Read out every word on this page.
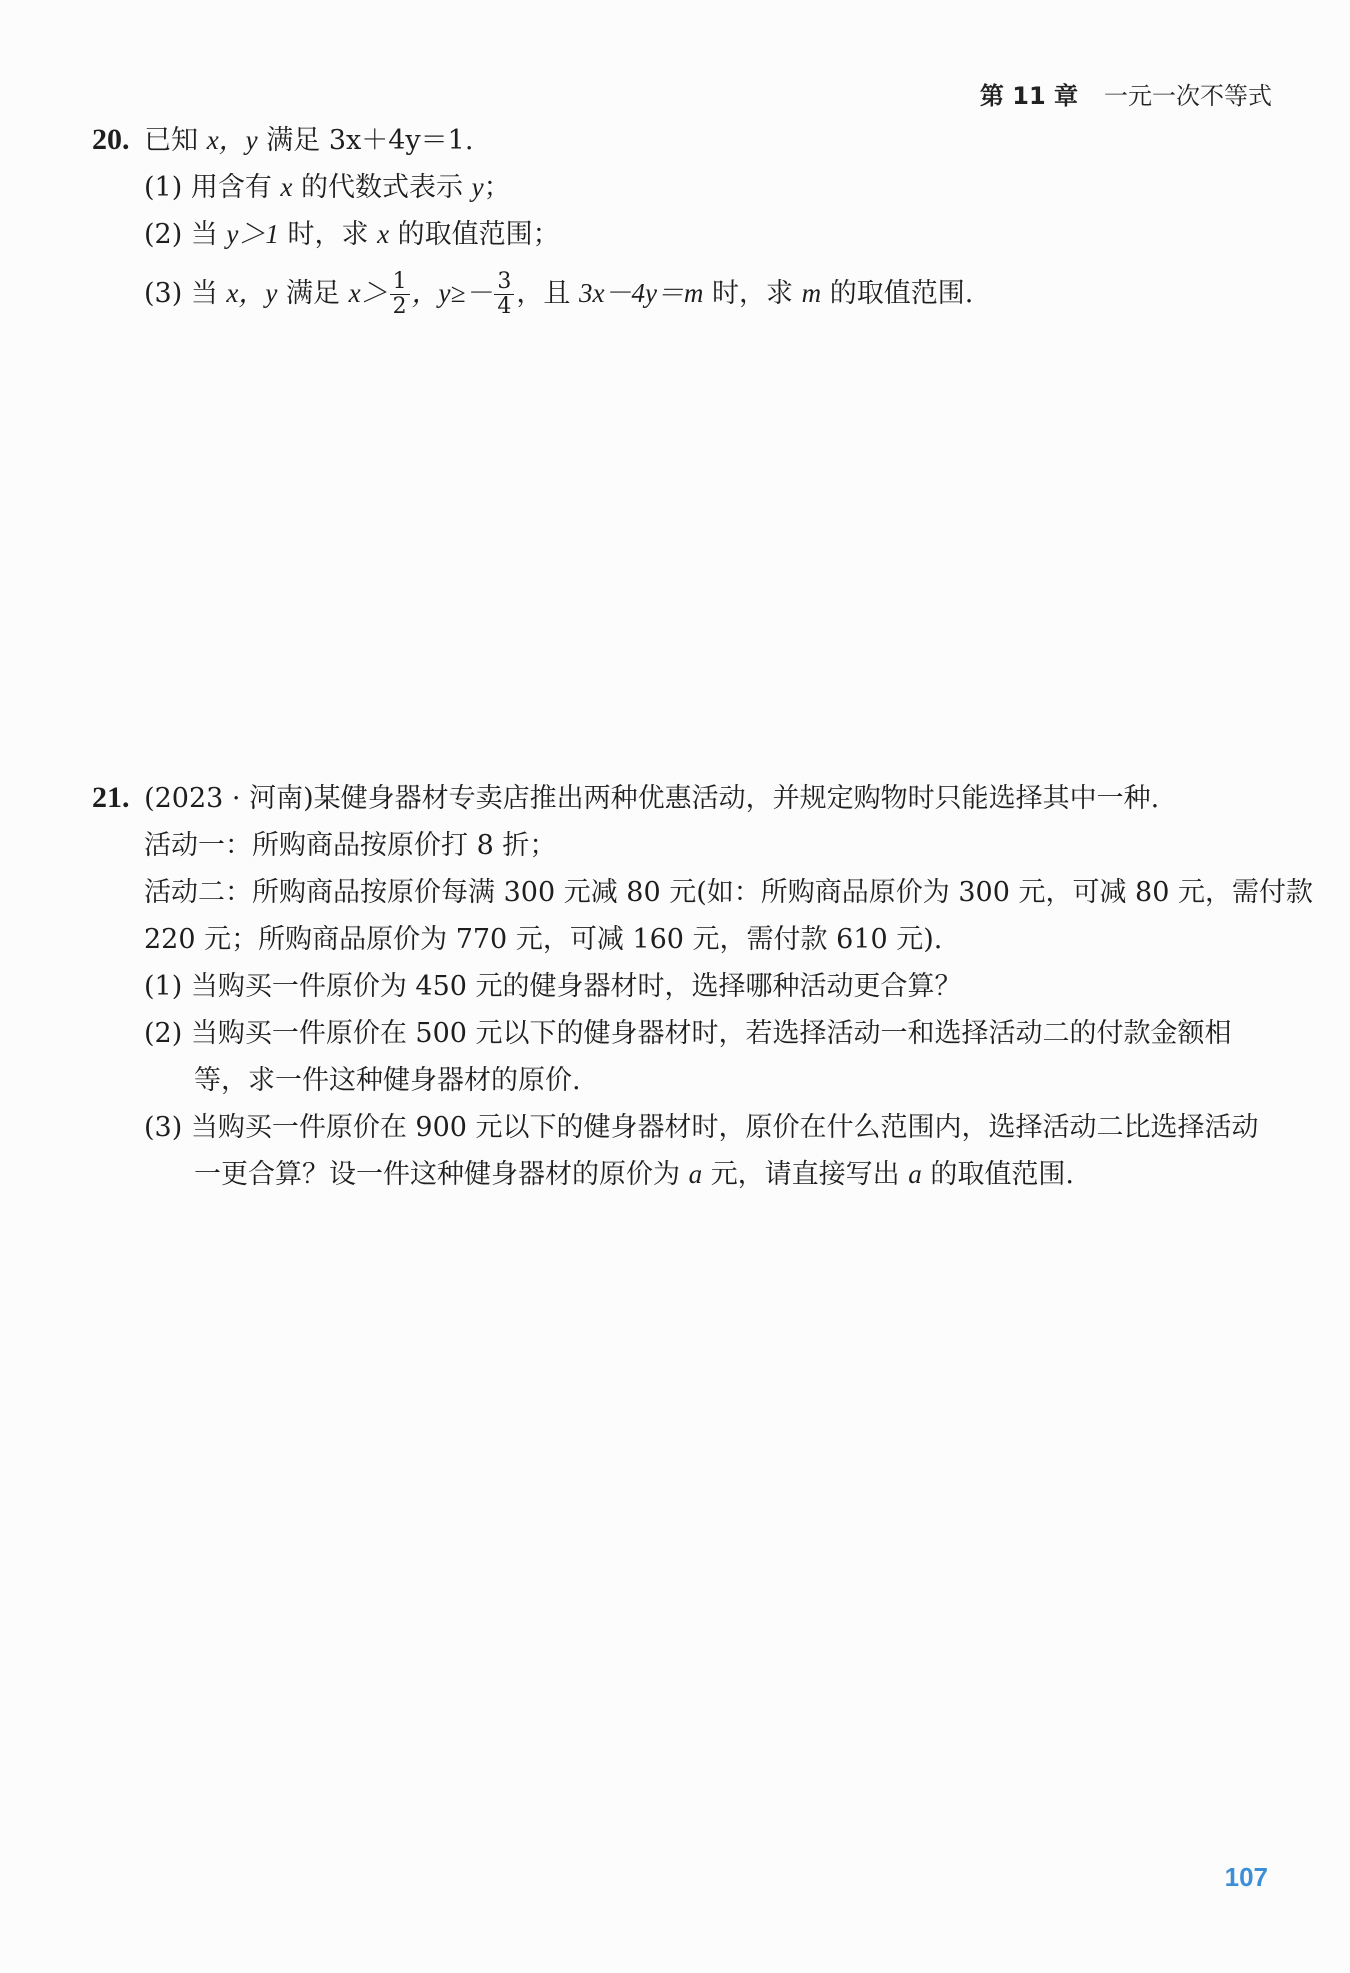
第 11 章 一元一次不等式
20. 已知 x，y 满足 3x＋4y＝1.
(1) 用含有 x 的代数式表示 y；
(2) 当 y＞1 时，求 x 的取值范围；
(3) 当 x，y 满足 $x> \frac{1}{2}$ ，$y\ge- \frac{3}{4}$ ，且 3x－4y＝m 时，求 m 的取值范围.
21. (2023 · 河南)某健身器材专卖店推出两种优惠活动，并规定购物时只能选择其中一种.
活动一：所购商品按原价打 8 折；
活动二：所购商品按原价每满 300 元减 80 元(如：所购商品原价为 300 元，可减 80 元，需付款
220 元；所购商品原价为 770 元，可减 160 元，需付款 610 元).
(1) 当购买一件原价为 450 元的健身器材时，选择哪种活动更合算？
(2) 当购买一件原价在 500 元以下的健身器材时，若选择活动一和选择活动二的付款金额相
等，求一件这种健身器材的原价.
(3) 当购买一件原价在 900 元以下的健身器材时，原价在什么范围内，选择活动二比选择活动
一更合算？设一件这种健身器材的原价为 a 元，请直接写出 a 的取值范围.
107
